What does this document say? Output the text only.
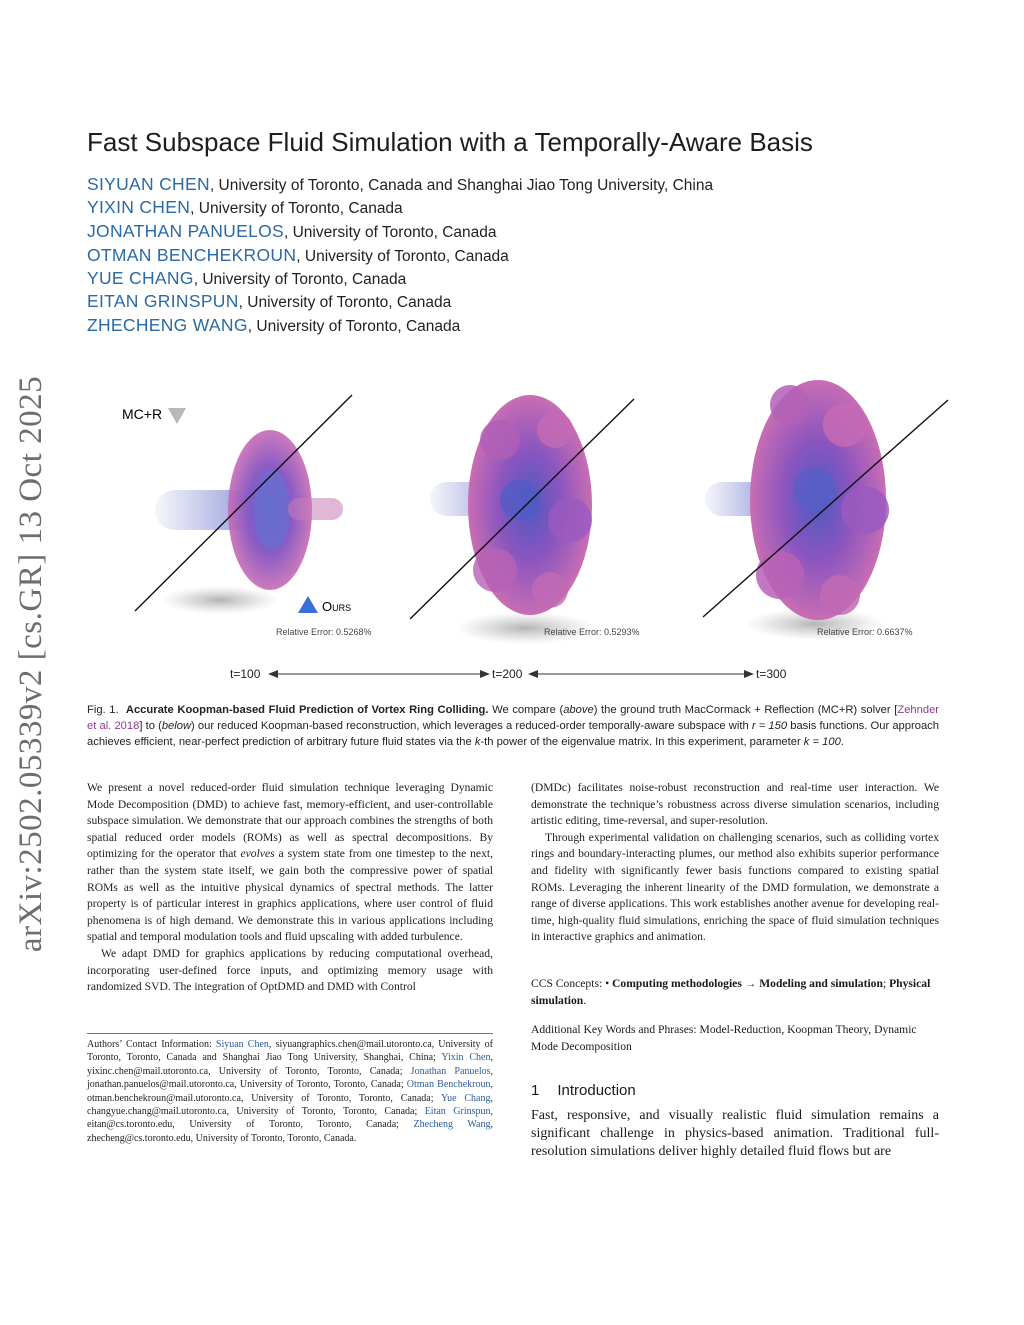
arXiv:2502.05339v2 [cs.GR] 13 Oct 2025
Fast Subspace Fluid Simulation with a Temporally-Aware Basis
SIYUAN CHEN, University of Toronto, Canada and Shanghai Jiao Tong University, China
YIXIN CHEN, University of Toronto, Canada
JONATHAN PANUELOS, University of Toronto, Canada
OTMAN BENCHEKROUN, University of Toronto, Canada
YUE CHANG, University of Toronto, Canada
EITAN GRINSPUN, University of Toronto, Canada
ZHECHENG WANG, University of Toronto, Canada
MC+R
Ours
Relative Error: 0.5268%	Relative Error: 0.5293%	Relative Error: 0.6637%
t=100	t=200	t=300
Fig. 1. Accurate Koopman-based Fluid Prediction of Vortex Ring Colliding. We compare (above) the ground truth MacCormack + Reflection (MC+R) solver [Zehnder et al. 2018] to (below) our reduced Koopman-based reconstruction, which leverages a reduced-order temporally-aware subspace with r = 150 basis functions. Our approach achieves efficient, near-perfect prediction of arbitrary future fluid states via the k-th power of the eigenvalue matrix. In this experiment, parameter k = 100.

We present a novel reduced-order fluid simulation technique leveraging Dynamic Mode Decomposition (DMD) to achieve fast, memory-efficient, and user-controllable subspace simulation. We demonstrate that our approach combines the strengths of both spatial reduced order models (ROMs) as well as spectral decompositions. By optimizing for the operator that evolves a system state from one timestep to the next, rather than the system state itself, we gain both the compressive power of spatial ROMs as well as the intuitive physical dynamics of spectral methods. The latter property is of particular interest in graphics applications, where user control of fluid phenomena is of high demand. We demonstrate this in various applications including spatial and temporal modulation tools and fluid upscaling with added turbulence.

We adapt DMD for graphics applications by reducing computational overhead, incorporating user-defined force inputs, and optimizing memory usage with randomized SVD. The integration of OptDMD and DMD with Control

(DMDc) facilitates noise-robust reconstruction and real-time user interaction. We demonstrate the technique’s robustness across diverse simulation scenarios, including artistic editing, time-reversal, and super-resolution.

Through experimental validation on challenging scenarios, such as colliding vortex rings and boundary-interacting plumes, our method also exhibits superior performance and fidelity with significantly fewer basis functions compared to existing spatial ROMs. Leveraging the inherent linearity of the DMD formulation, we demonstrate a range of diverse applications. This work establishes another avenue for developing real-time, high-quality fluid simulations, enriching the space of fluid simulation techniques in interactive graphics and animation.

CCS Concepts: • Computing methodologies → Modeling and simulation; Physical simulation.
Additional Key Words and Phrases: Model-Reduction, Koopman Theory, Dynamic Mode Decomposition
1 Introduction
Fast, responsive, and visually realistic fluid simulation remains a significant challenge in physics-based animation. Traditional full-resolution simulations deliver highly detailed fluid flows but are
Authors’ Contact Information: Siyuan Chen, siyuangraphics.chen@mail.utoronto.ca, University of Toronto, Toronto, Canada and Shanghai Jiao Tong University, Shanghai, China; Yixin Chen, yixinc.chen@mail.utoronto.ca, University of Toronto, Toronto, Canada; Jonathan Panuelos, jonathan.panuelos@mail.utoronto.ca, University of Toronto, Toronto, Canada; Otman Benchekroun, otman.benchekroun@mail.utoronto.ca, University of Toronto, Toronto, Canada; Yue Chang, changyue.chang@mail.utoronto.ca, University of Toronto, Toronto, Canada; Eitan Grinspun, eitan@cs.toronto.edu, University of Toronto, Toronto, Canada; Zhecheng Wang, zhecheng@cs.toronto.edu, University of Toronto, Toronto, Canada.
